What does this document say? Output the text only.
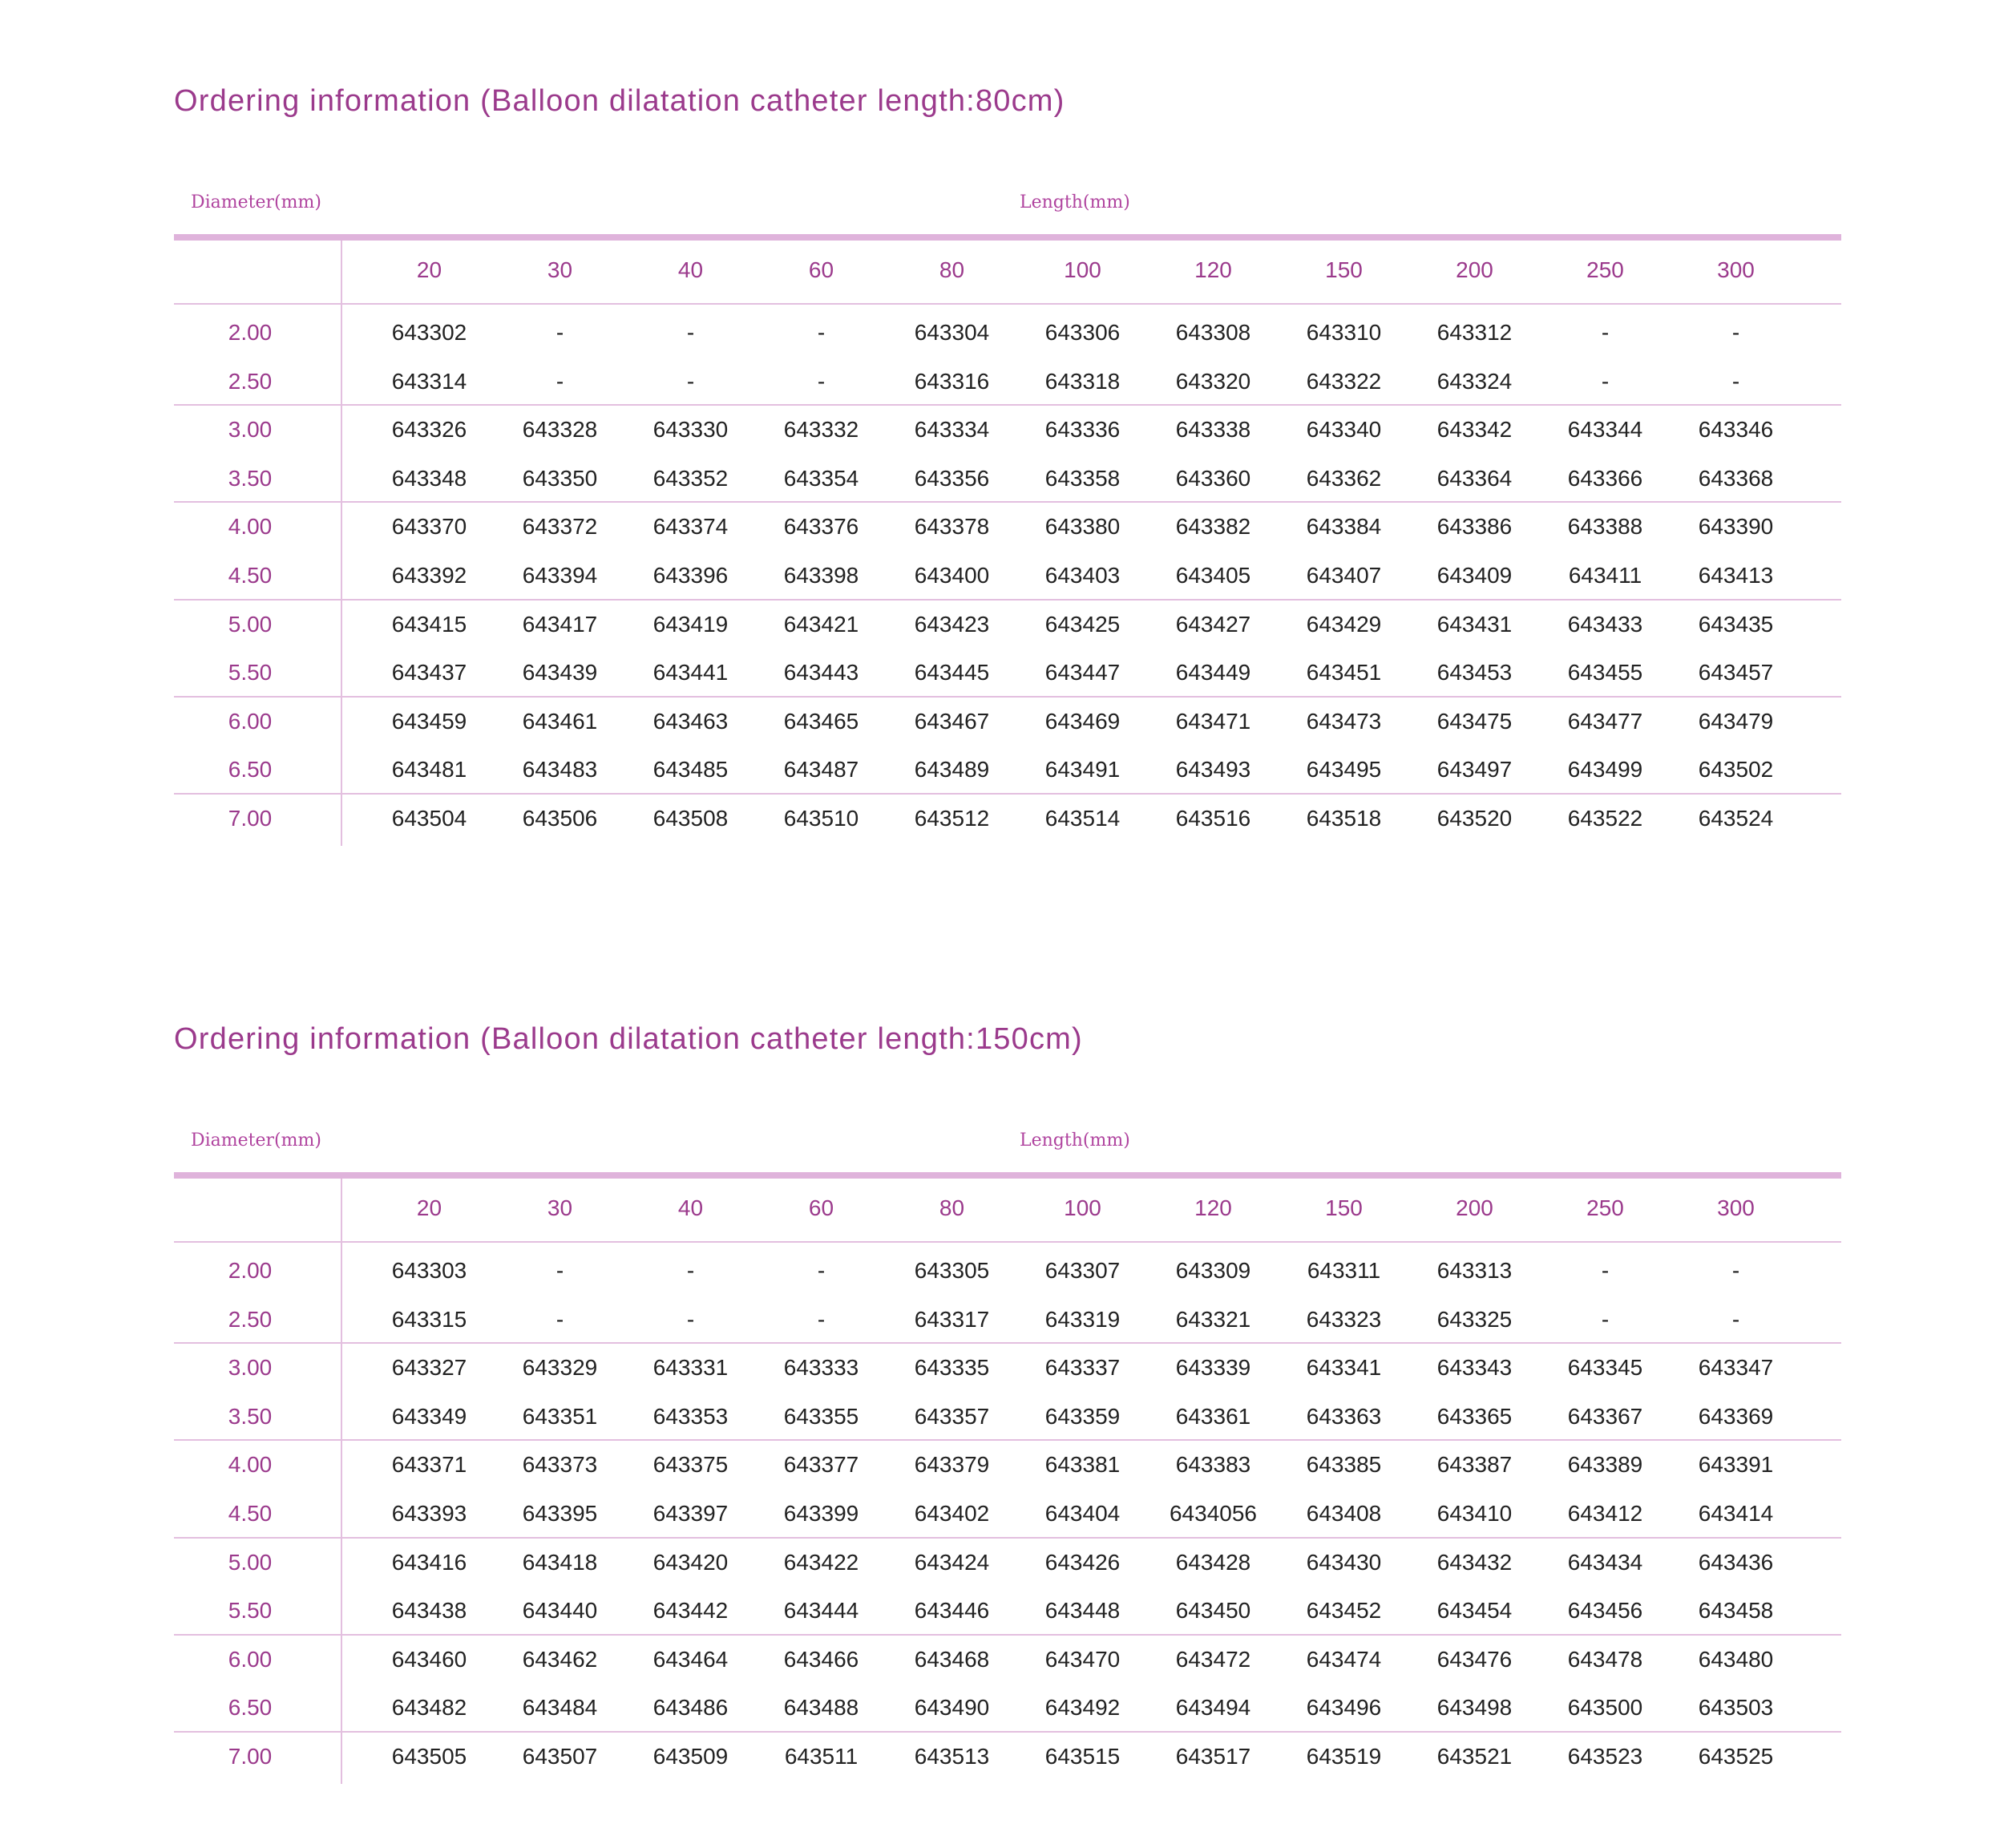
Ordering information (Balloon dilatation catheter length:80cm)
Diameter(mm)	Length(mm)
20	30	40	60	80	100	120	150	200	250	300
2.00	643302	-	-	-	643304	643306	643308	643310	643312	-	-
2.50	643314	-	-	-	643316	643318	643320	643322	643324	-	-
3.00	643326	643328	643330	643332	643334	643336	643338	643340	643342	643344	643346
3.50	643348	643350	643352	643354	643356	643358	643360	643362	643364	643366	643368
4.00	643370	643372	643374	643376	643378	643380	643382	643384	643386	643388	643390
4.50	643392	643394	643396	643398	643400	643403	643405	643407	643409	643411	643413
5.00	643415	643417	643419	643421	643423	643425	643427	643429	643431	643433	643435
5.50	643437	643439	643441	643443	643445	643447	643449	643451	643453	643455	643457
6.00	643459	643461	643463	643465	643467	643469	643471	643473	643475	643477	643479
6.50	643481	643483	643485	643487	643489	643491	643493	643495	643497	643499	643502
7.00	643504	643506	643508	643510	643512	643514	643516	643518	643520	643522	643524
Ordering information (Balloon dilatation catheter length:150cm)
Diameter(mm)	Length(mm)
20	30	40	60	80	100	120	150	200	250	300
2.00	643303	-	-	-	643305	643307	643309	643311	643313	-	-
2.50	643315	-	-	-	643317	643319	643321	643323	643325	-	-
3.00	643327	643329	643331	643333	643335	643337	643339	643341	643343	643345	643347
3.50	643349	643351	643353	643355	643357	643359	643361	643363	643365	643367	643369
4.00	643371	643373	643375	643377	643379	643381	643383	643385	643387	643389	643391
4.50	643393	643395	643397	643399	643402	643404	6434056	643408	643410	643412	643414
5.00	643416	643418	643420	643422	643424	643426	643428	643430	643432	643434	643436
5.50	643438	643440	643442	643444	643446	643448	643450	643452	643454	643456	643458
6.00	643460	643462	643464	643466	643468	643470	643472	643474	643476	643478	643480
6.50	643482	643484	643486	643488	643490	643492	643494	643496	643498	643500	643503
7.00	643505	643507	643509	643511	643513	643515	643517	643519	643521	643523	643525
